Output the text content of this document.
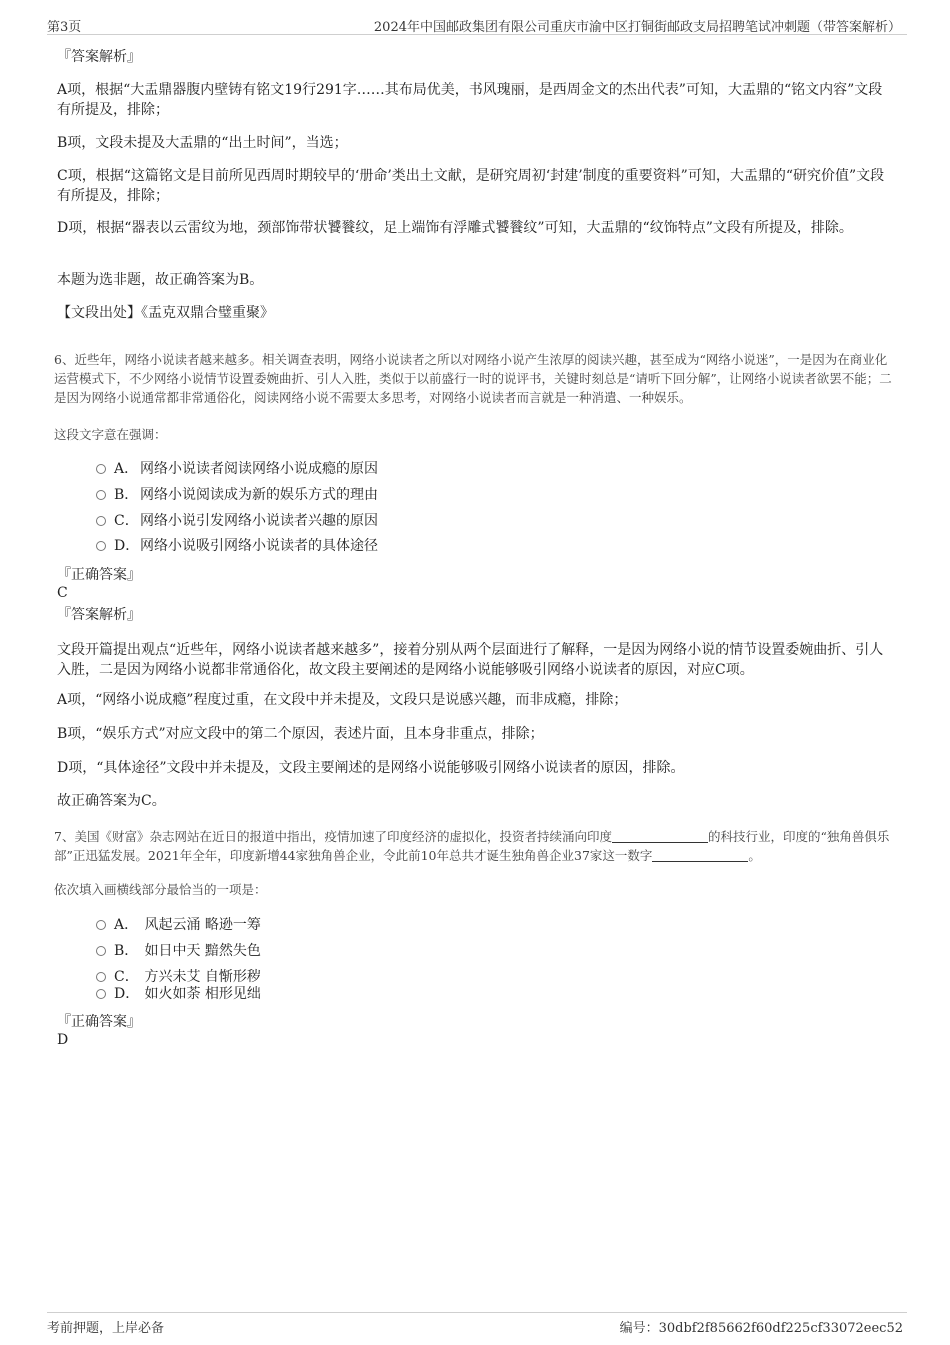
第3页	2024年中国邮政集团有限公司重庆市渝中区打铜街邮政支局招聘笔试冲刺题（带答案解析）
『答案解析』
A项，根据“大盂鼎器腹内壁铸有铭文19行291字……其布局优美，书风瑰丽，是西周金文的杰出代表”可知，大盂鼎的“铭文内容”文段有所提及，排除；
B项，文段未提及大盂鼎的“出土时间”，当选；
C项，根据“这篇铭文是目前所见西周时期较早的‘册命’类出土文献，是研究周初‘封建’制度的重要资料”可知，大盂鼎的“研究价值”文段有所提及，排除；
D项，根据“器表以云雷纹为地，颈部饰带状饕餮纹，足上端饰有浮雕式饕餮纹”可知，大盂鼎的“纹饰特点”文段有所提及，排除。
本题为选非题，故正确答案为B。
【文段出处】《盂克双鼎合璧重聚》
6、近些年，网络小说读者越来越多。相关调查表明，网络小说读者之所以对网络小说产生浓厚的阅读兴趣，甚至成为“网络小说迷”，一是因为在商业化运营模式下，不少网络小说情节设置委婉曲折、引人入胜，类似于以前盛行一时的说评书，关键时刻总是“请听下回分解”，让网络小说读者欲罢不能；二是因为网络小说通常都非常通俗化，阅读网络小说不需要太多思考，对网络小说读者而言就是一种消遣、一种娱乐。
这段文字意在强调：
A． 网络小说读者阅读网络小说成瘾的原因
B． 网络小说阅读成为新的娱乐方式的理由
C．网络小说引发网络小说读者兴趣的原因
D．网络小说吸引网络小说读者的具体途径
『正确答案』
C
『答案解析』
文段开篇提出观点“近些年，网络小说读者越来越多”，接着分别从两个层面进行了解释，一是因为网络小说的情节设置委婉曲折、引人入胜，二是因为网络小说都非常通俗化，故文段主要阐述的是网络小说能够吸引网络小说读者的原因，对应C项。
A项，“网络小说成瘾”程度过重，在文段中并未提及，文段只是说感兴趣，而非成瘾，排除；
B项，“娱乐方式”对应文段中的第二个原因，表述片面，且本身非重点，排除；
D项，“具体途径”文段中并未提及，文段主要阐述的是网络小说能够吸引网络小说读者的原因，排除。
故正确答案为C。
7、美国《财富》杂志网站在近日的报道中指出，疫情加速了印度经济的虚拟化，投资者持续涌向印度	的科技行业，印度的“独角兽俱乐部”正迅猛发展。2021年全年，印度新增44家独角兽企业，令此前10年总共才诞生独角兽企业37家这一数字	。
依次填入画横线部分最恰当的一项是：
A． 风起云涌 略逊一筹
B． 如日中天 黯然失色
C． 方兴未艾 自惭形秽
D． 如火如荼 相形见绌
『正确答案』
D
考前押题，上岸必备	编号：30dbf2f85662f60df225cf33072eec52
